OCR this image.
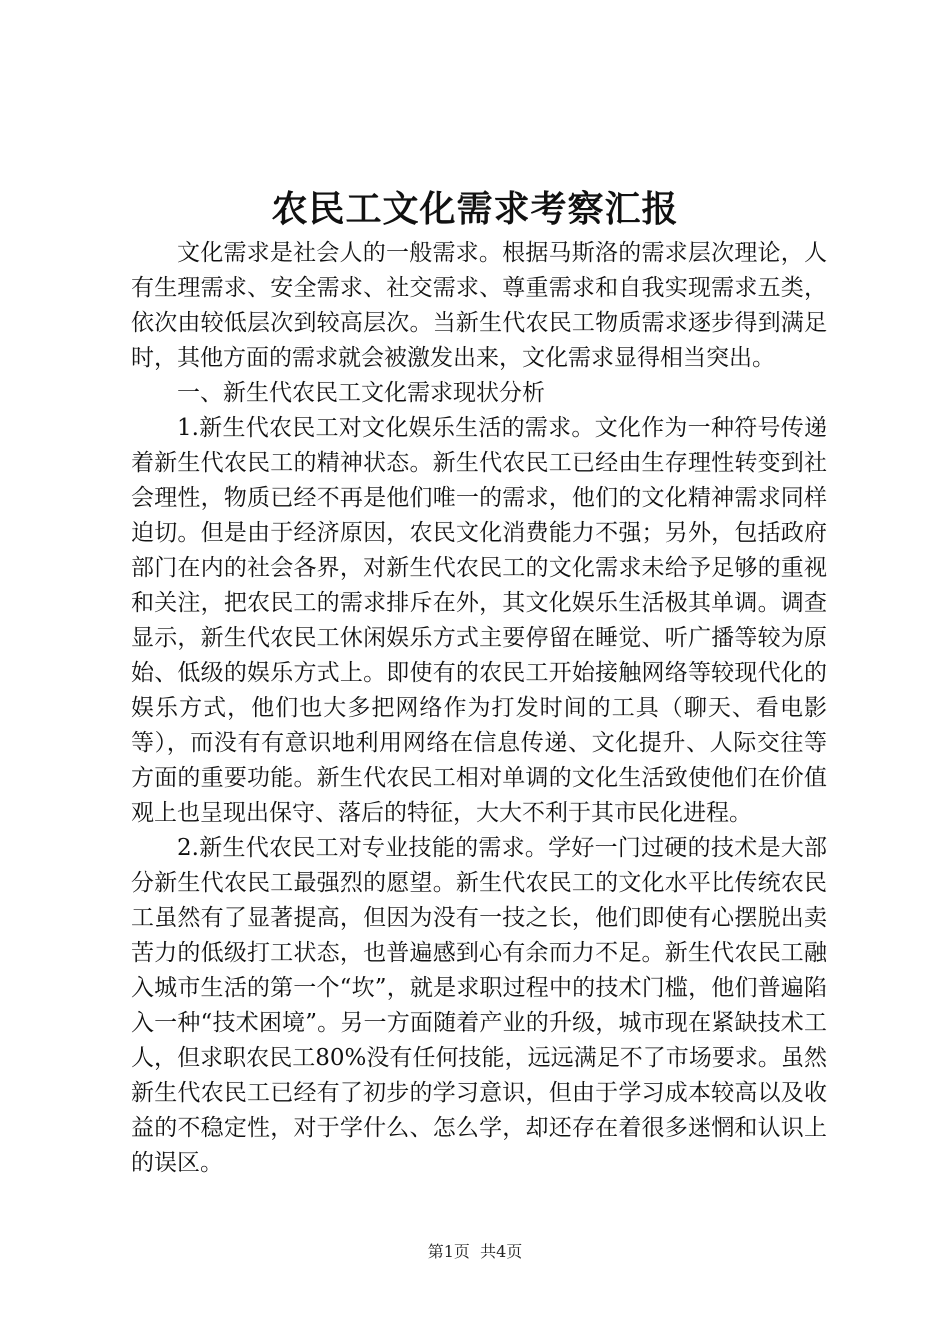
农民工文化需求考察汇报

文化需求是社会人的一般需求。根据马斯洛的需求层次理论，人有生理需求、安全需求、社交需求、尊重需求和自我实现需求五类，依次由较低层次到较高层次。当新生代农民工物质需求逐步得到满足时，其他方面的需求就会被激发出来，文化需求显得相当突出。

一、新生代农民工文化需求现状分析

1.新生代农民工对文化娱乐生活的需求。文化作为一种符号传递着新生代农民工的精神状态。新生代农民工已经由生存理性转变到社会理性，物质已经不再是他们唯一的需求，他们的文化精神需求同样迫切。但是由于经济原因，农民文化消费能力不强；另外，包括政府部门在内的社会各界，对新生代农民工的文化需求未给予足够的重视和关注，把农民工的需求排斥在外，其文化娱乐生活极其单调。调查显示，新生代农民工休闲娱乐方式主要停留在睡觉、听广播等较为原始、低级的娱乐方式上。即使有的农民工开始接触网络等较现代化的娱乐方式，他们也大多把网络作为打发时间的工具（聊天、看电影等），而没有有意识地利用网络在信息传递、文化提升、人际交往等方面的重要功能。新生代农民工相对单调的文化生活致使他们在价值观上也呈现出保守、落后的特征，大大不利于其市民化进程。

2.新生代农民工对专业技能的需求。学好一门过硬的技术是大部分新生代农民工最强烈的愿望。新生代农民工的文化水平比传统农民工虽然有了显著提高，但因为没有一技之长，他们即使有心摆脱出卖苦力的低级打工状态，也普遍感到心有余而力不足。新生代农民工融入城市生活的第一个“坎”，就是求职过程中的技术门槛，他们普遍陷入一种“技术困境”。另一方面随着产业的升级，城市现在紧缺技术工人，但求职农民工80%没有任何技能，远远满足不了市场要求。虽然新生代农民工已经有了初步的学习意识，但由于学习成本较高以及收益的不稳定性，对于学什么、怎么学，却还存在着很多迷惘和认识上的误区。

第1页 共4页
